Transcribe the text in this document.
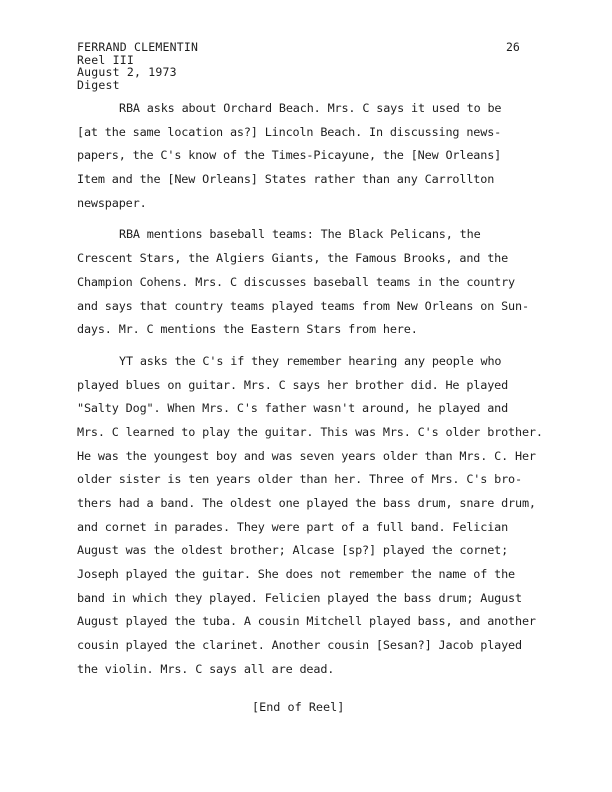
FERRAND CLEMENTIN
Reel III
August 2, 1973
Digest
26
RBA asks about Orchard Beach. Mrs. C says it used to be
[at the same location as?] Lincoln Beach. In discussing news-
papers, the C's know of the Times-Picayune, the [New Orleans]
Item and the [New Orleans] States rather than any Carrollton
newspaper.
RBA mentions baseball teams: The Black Pelicans, the
Crescent Stars, the Algiers Giants, the Famous Brooks, and the
Champion Cohens. Mrs. C discusses baseball teams in the country
and says that country teams played teams from New Orleans on Sun-
days. Mr. C mentions the Eastern Stars from here.
YT asks the C's if they remember hearing any people who
played blues on guitar. Mrs. C says her brother did. He played
"Salty Dog". When Mrs. C's father wasn't around, he played and
Mrs. C learned to play the guitar. This was Mrs. C's older brother.
He was the youngest boy and was seven years older than Mrs. C. Her
older sister is ten years older than her. Three of Mrs. C's bro-
thers had a band. The oldest one played the bass drum, snare drum,
and cornet in parades. They were part of a full band. Felician
August was the oldest brother; Alcase [sp?] played the cornet;
Joseph played the guitar. She does not remember the name of the
band in which they played. Felicien played the bass drum; August
August played the tuba. A cousin Mitchell played bass, and another
cousin played the clarinet. Another cousin [Sesan?] Jacob played
the violin. Mrs. C says all are dead.
[End of Reel]
